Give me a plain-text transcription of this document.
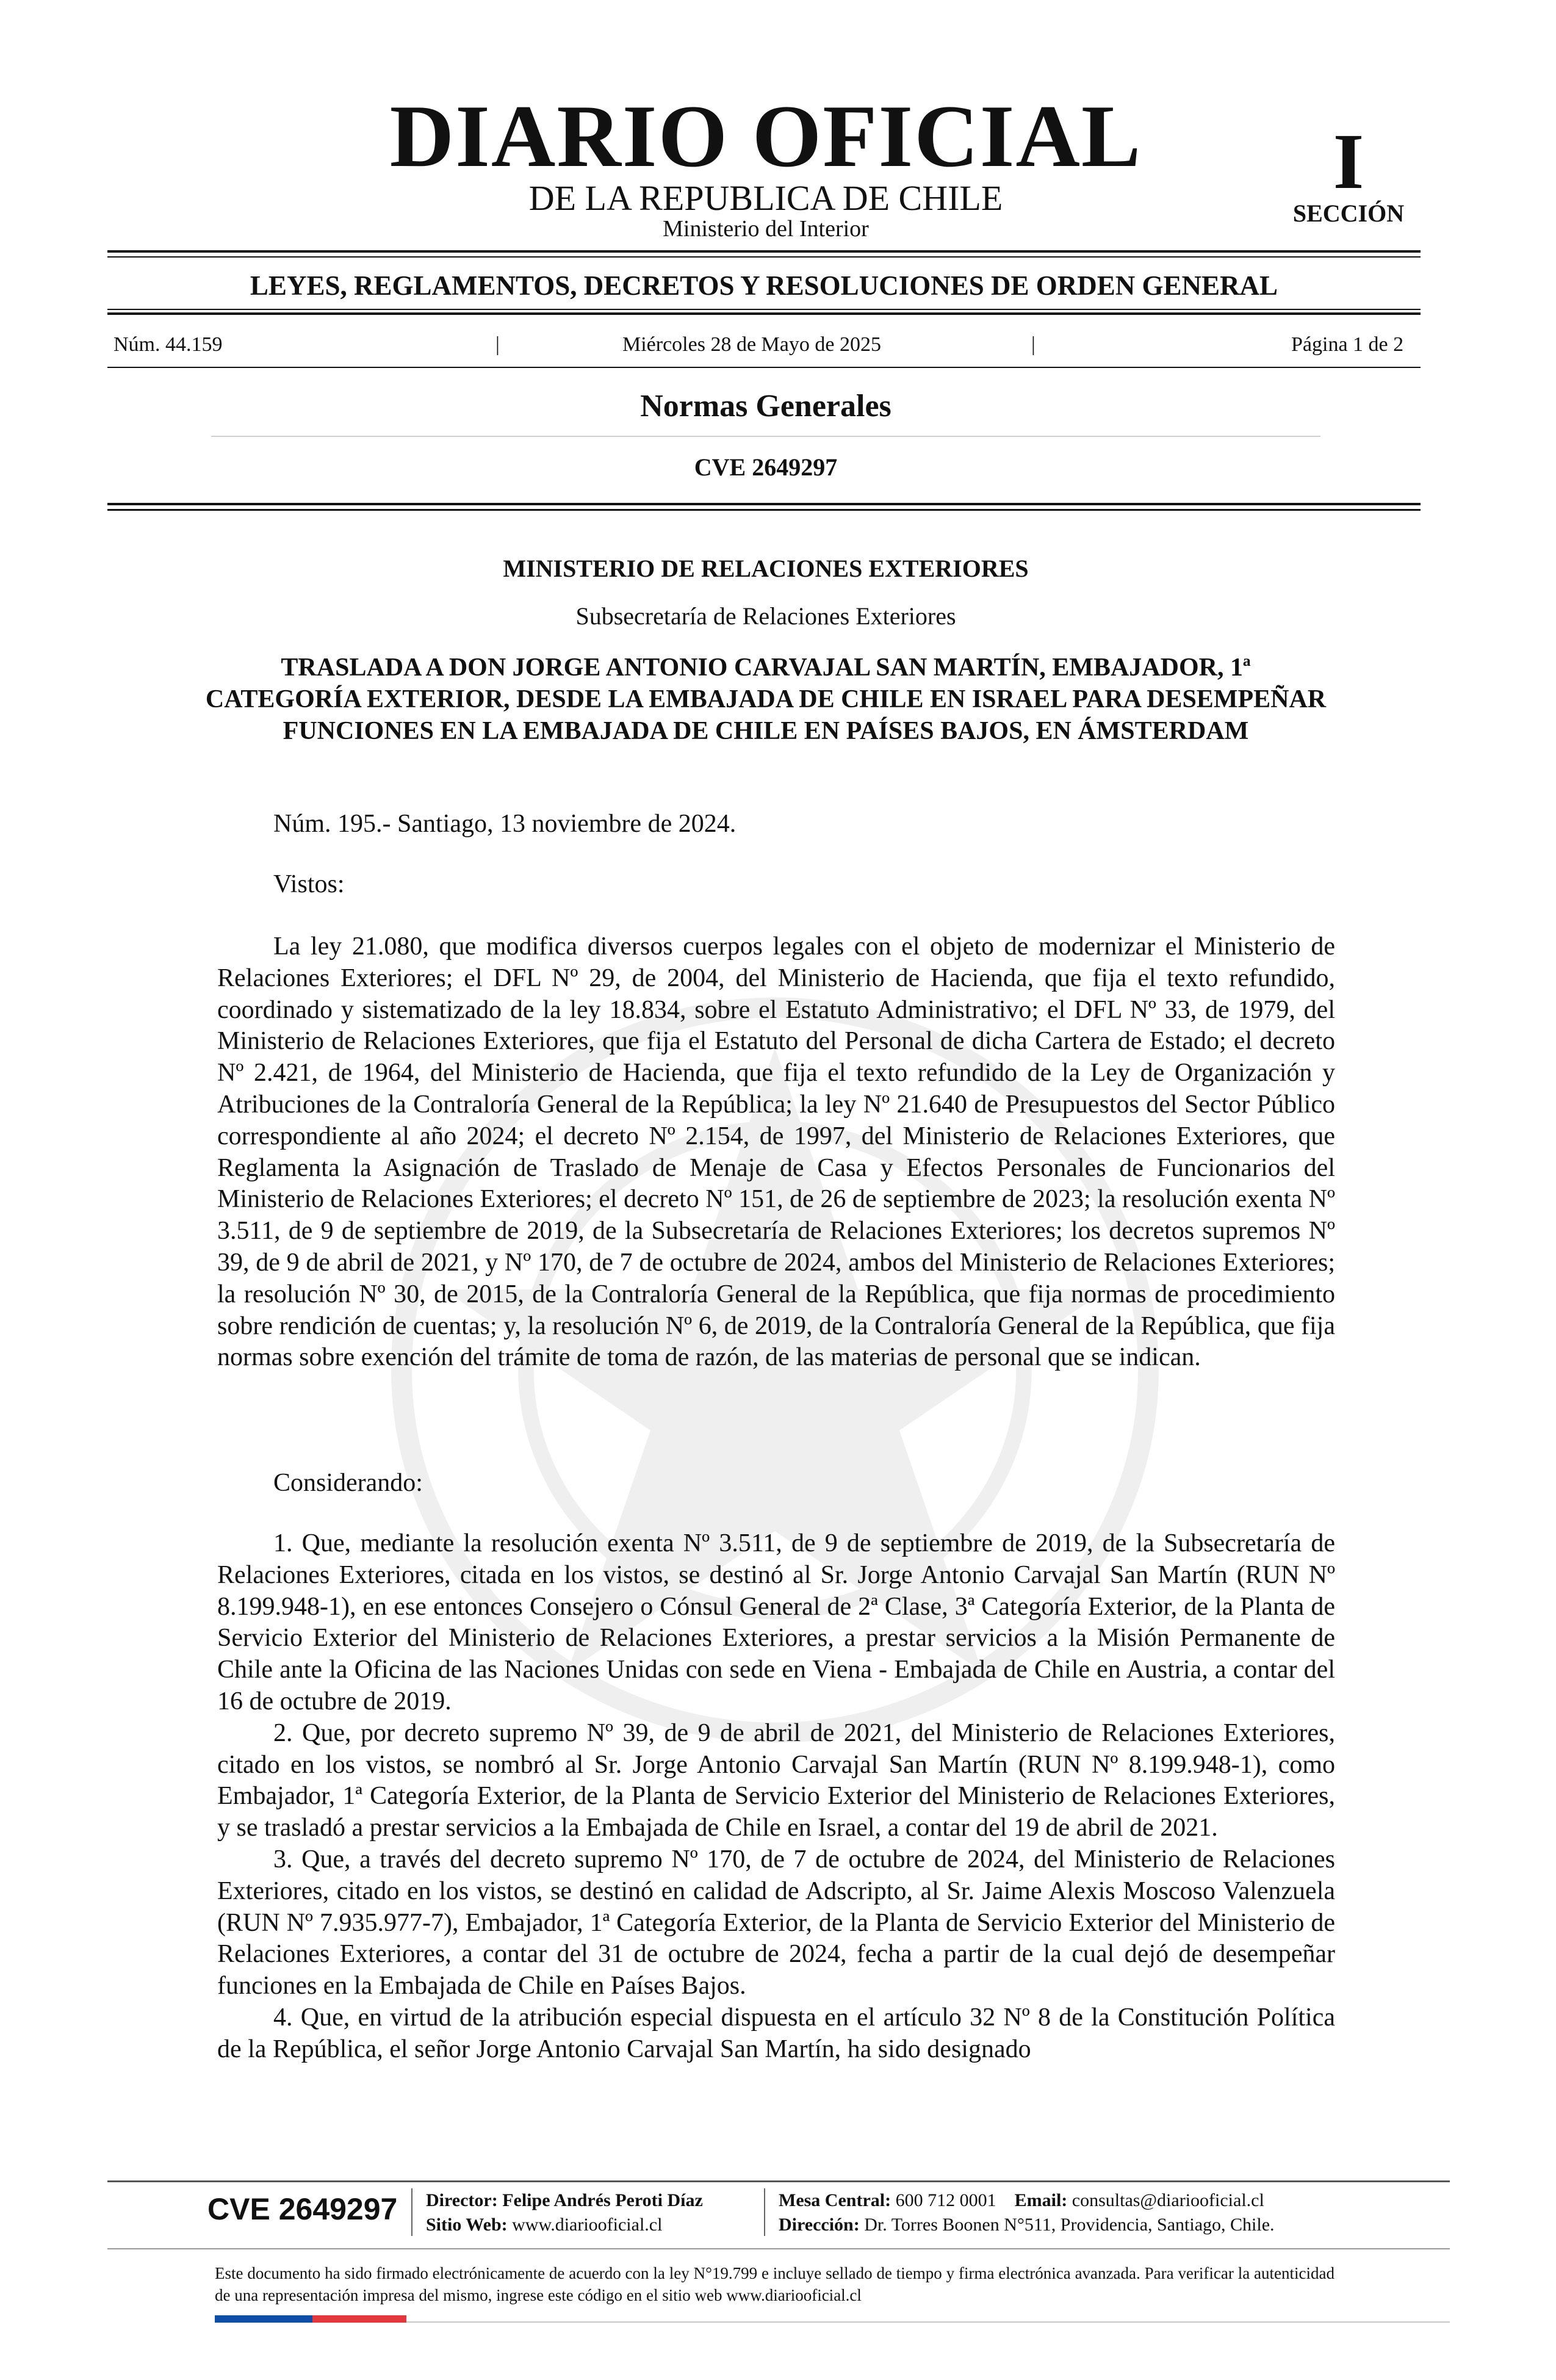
DIARIO OFICIAL
DE LA REPUBLICA DE CHILE
Ministerio del Interior
I
SECCIÓN
LEYES, REGLAMENTOS, DECRETOS Y RESOLUCIONES DE ORDEN GENERAL
Núm. 44.159	|	Miércoles 28 de Mayo de 2025	|	Página 1 de 2
Normas Generales
CVE 2649297
MINISTERIO DE RELACIONES EXTERIORES
Subsecretaría de Relaciones Exteriores
TRASLADA A DON JORGE ANTONIO CARVAJAL SAN MARTÍN, EMBAJADOR, 1ª CATEGORÍA EXTERIOR, DESDE LA EMBAJADA DE CHILE EN ISRAEL PARA DESEMPEÑAR FUNCIONES EN LA EMBAJADA DE CHILE EN PAÍSES BAJOS, EN ÁMSTERDAM
Núm. 195.- Santiago, 13 noviembre de 2024.
Vistos:
La ley 21.080, que modifica diversos cuerpos legales con el objeto de modernizar el Ministerio de Relaciones Exteriores; el DFL Nº 29, de 2004, del Ministerio de Hacienda, que fija el texto refundido, coordinado y sistematizado de la ley 18.834, sobre el Estatuto Administrativo; el DFL Nº 33, de 1979, del Ministerio de Relaciones Exteriores, que fija el Estatuto del Personal de dicha Cartera de Estado; el decreto Nº 2.421, de 1964, del Ministerio de Hacienda, que fija el texto refundido de la Ley de Organización y Atribuciones de la Contraloría General de la República; la ley Nº 21.640 de Presupuestos del Sector Público correspondiente al año 2024; el decreto Nº 2.154, de 1997, del Ministerio de Relaciones Exteriores, que Reglamenta la Asignación de Traslado de Menaje de Casa y Efectos Personales de Funcionarios del Ministerio de Relaciones Exteriores; el decreto Nº 151, de 26 de septiembre de 2023; la resolución exenta Nº 3.511, de 9 de septiembre de 2019, de la Subsecretaría de Relaciones Exteriores; los decretos supremos Nº 39, de 9 de abril de 2021, y Nº 170, de 7 de octubre de 2024, ambos del Ministerio de Relaciones Exteriores; la resolución Nº 30, de 2015, de la Contraloría General de la República, que fija normas de procedimiento sobre rendición de cuentas; y, la resolución Nº 6, de 2019, de la Contraloría General de la República, que fija normas sobre exención del trámite de toma de razón, de las materias de personal que se indican.
Considerando:
1. Que, mediante la resolución exenta Nº 3.511, de 9 de septiembre de 2019, de la Subsecretaría de Relaciones Exteriores, citada en los vistos, se destinó al Sr. Jorge Antonio Carvajal San Martín (RUN Nº 8.199.948-1), en ese entonces Consejero o Cónsul General de 2ª Clase, 3ª Categoría Exterior, de la Planta de Servicio Exterior del Ministerio de Relaciones Exteriores, a prestar servicios a la Misión Permanente de Chile ante la Oficina de las Naciones Unidas con sede en Viena - Embajada de Chile en Austria, a contar del 16 de octubre de 2019.
2. Que, por decreto supremo Nº 39, de 9 de abril de 2021, del Ministerio de Relaciones Exteriores, citado en los vistos, se nombró al Sr. Jorge Antonio Carvajal San Martín (RUN Nº 8.199.948-1), como Embajador, 1ª Categoría Exterior, de la Planta de Servicio Exterior del Ministerio de Relaciones Exteriores, y se trasladó a prestar servicios a la Embajada de Chile en Israel, a contar del 19 de abril de 2021.
3. Que, a través del decreto supremo Nº 170, de 7 de octubre de 2024, del Ministerio de Relaciones Exteriores, citado en los vistos, se destinó en calidad de Adscripto, al Sr. Jaime Alexis Moscoso Valenzuela (RUN Nº 7.935.977-7), Embajador, 1ª Categoría Exterior, de la Planta de Servicio Exterior del Ministerio de Relaciones Exteriores, a contar del 31 de octubre de 2024, fecha a partir de la cual dejó de desempeñar funciones en la Embajada de Chile en Países Bajos.
4. Que, en virtud de la atribución especial dispuesta en el artículo 32 Nº 8 de la Constitución Política de la República, el señor Jorge Antonio Carvajal San Martín, ha sido designado
CVE 2649297 Director: Felipe Andrés Peroti Díaz
Sitio Web: www.diariooficial.cl
Mesa Central: 600 712 0001 Email: consultas@diariooficial.cl
Dirección: Dr. Torres Boonen N°511, Providencia, Santiago, Chile.
Este documento ha sido firmado electrónicamente de acuerdo con la ley N°19.799 e incluye sellado de tiempo y firma electrónica avanzada. Para verificar la autenticidad de una representación impresa del mismo, ingrese este código en el sitio web www.diariooficial.cl
